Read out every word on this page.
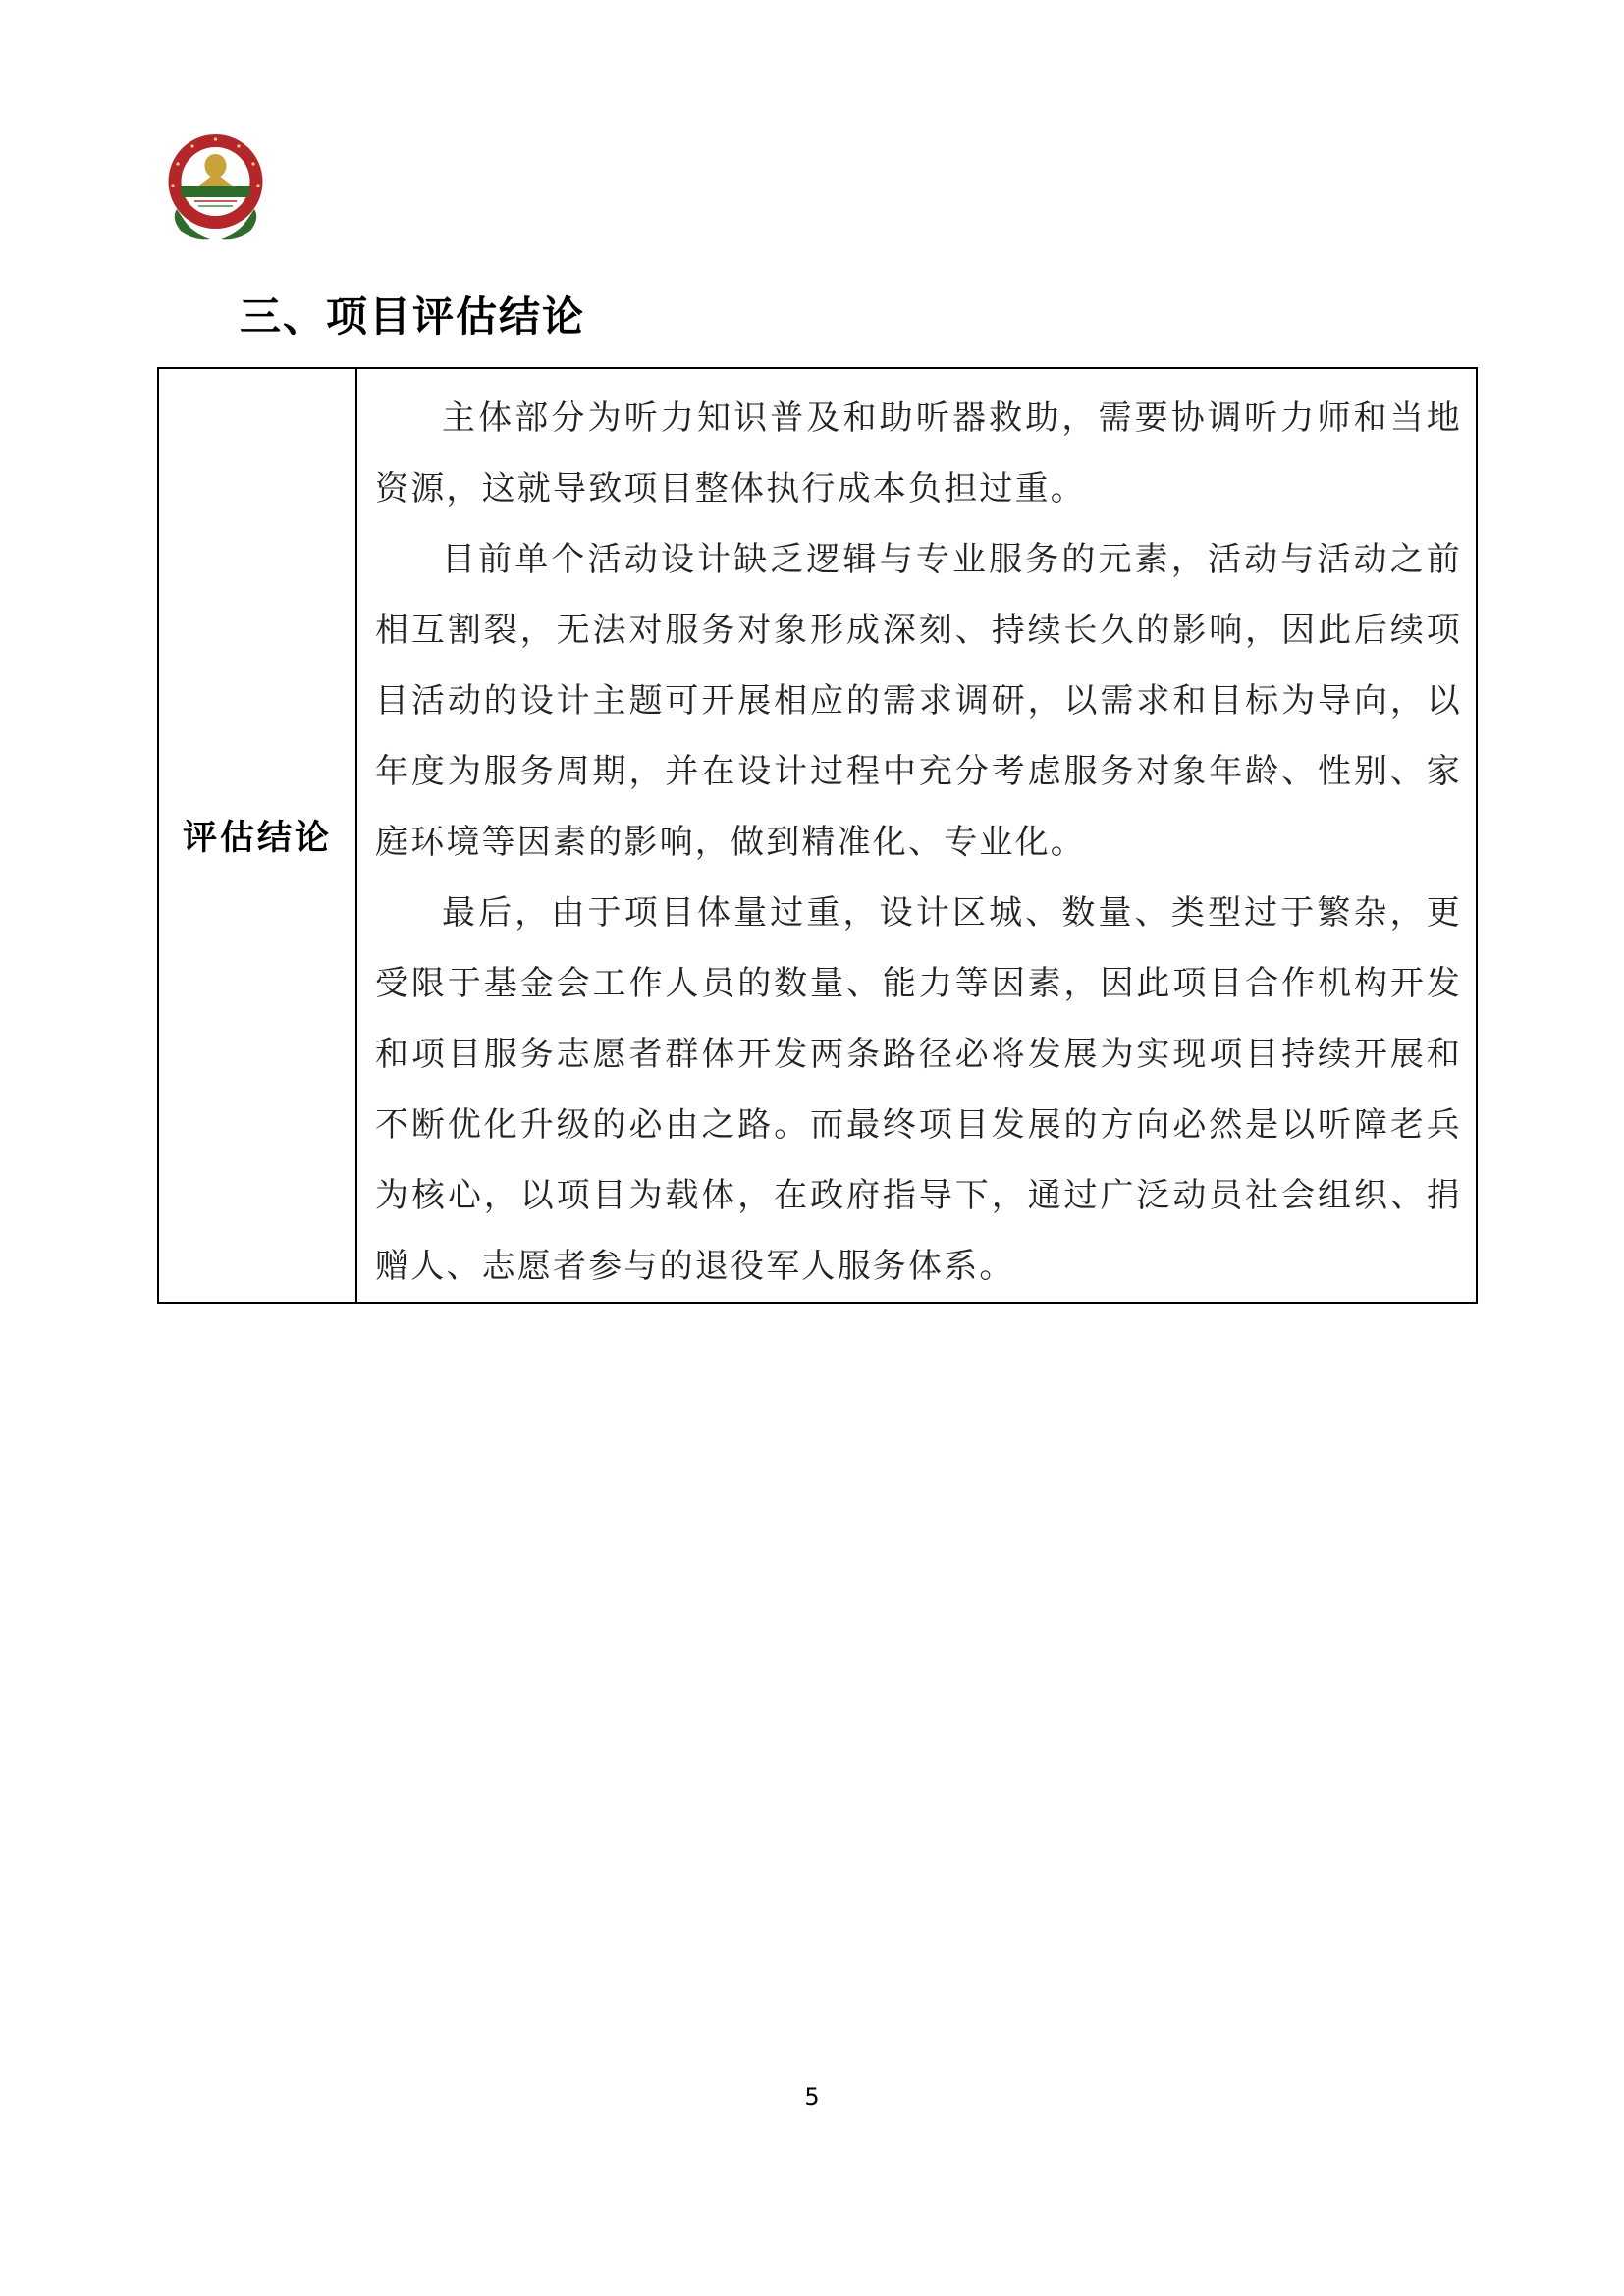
三、项目评估结论
评估结论	

主体部分为听力知识普及和助听器救助，需要协调听力师和当地资源，这就导致项目整体执行成本负担过重。

目前单个活动设计缺乏逻辑与专业服务的元素，活动与活动之前相互割裂，无法对服务对象形成深刻、持续长久的影响，因此后续项目活动的设计主题可开展相应的需求调研，以需求和目标为导向，以年度为服务周期，并在设计过程中充分考虑服务对象年龄、性别、家庭环境等因素的影响，做到精准化、专业化。

最后，由于项目体量过重，设计区城、数量、类型过于繁杂，更受限于基金会工作人员的数量、能力等因素，因此项目合作机构开发和项目服务志愿者群体开发两条路径必将发展为实现项目持续开展和不断优化升级的必由之路。而最终项目发展的方向必然是以听障老兵为核心，以项目为载体，在政府指导下，通过广泛动员社会组织、捐赠人、志愿者参与的退役军人服务体系。

5
